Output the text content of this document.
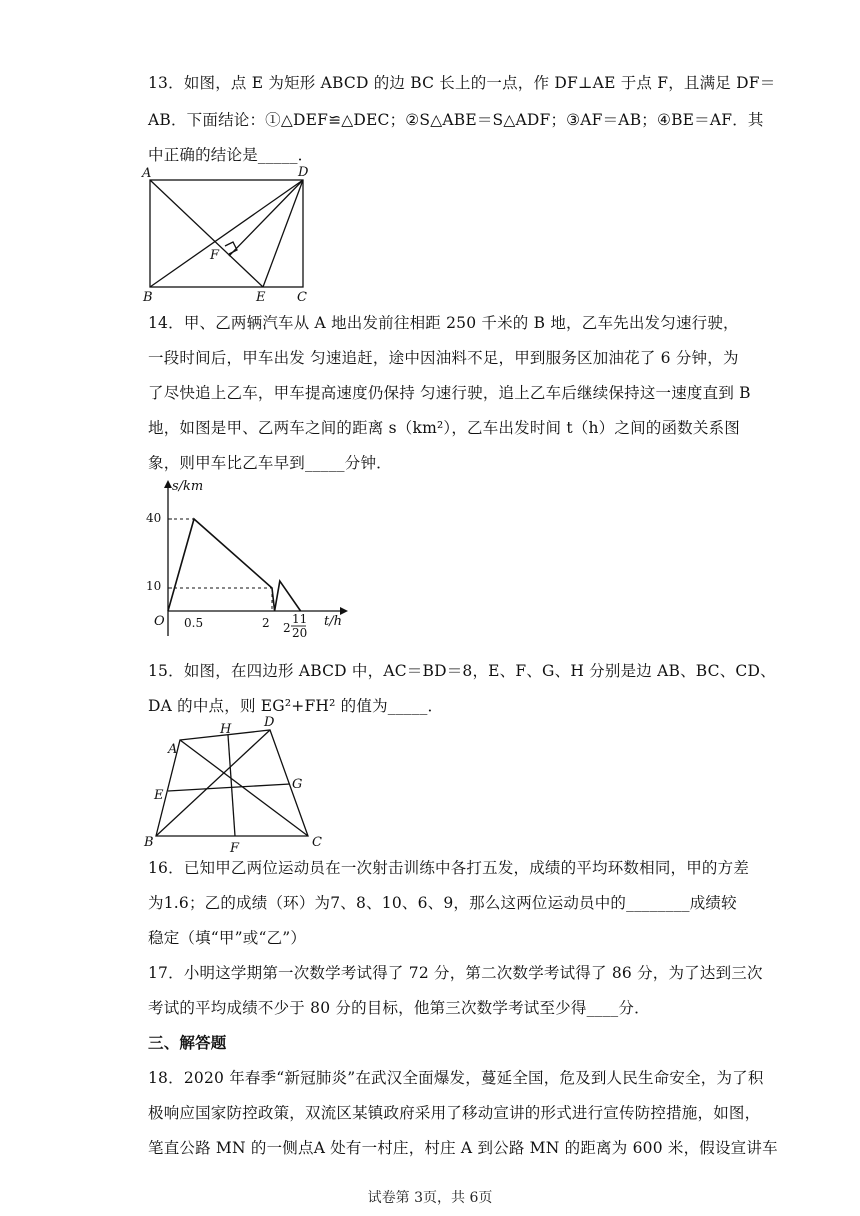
13．如图，点 E 为矩形 ABCD 的边 BC 长上的一点，作 DF⊥AE 于点 F，且满足 DF＝
AB．下面结论：①△DEF≌△DEC；②S△ABE＝S△ADF；③AF＝AB；④BE＝AF．其
中正确的结论是_____．
A	D
F
B	E C
14．甲、乙两辆汽车从 A 地出发前往相距 250 千米的 B 地，乙车先出发匀速行驶，
一段时间后，甲车出发 匀速追赶，途中因油料不足，甲到服务区加油花了 6 分钟，为
了尽快追上乙车，甲车提高速度仍保持 匀速行驶，追上乙车后继续保持这一速度直到 B
地，如图是甲、乙两车之间的距离 s（km²），乙车出发时间 t（h）之间的函数关系图
象，则甲车比乙车早到_____分钟．
s/km
t/h
O
40
10
0.5	2 2
11
20
15．如图，在四边形 ABCD 中，AC＝BD＝8，E、F、G、H 分别是边 AB、BC、CD、
DA 的中点，则 EG²+FH² 的值为_____．
A
H	D
G
E
B	F	C
16．已知甲乙两位运动员在一次射击训练中各打五发，成绩的平均环数相同，甲的方差
为1.6；乙的成绩（环）为7、8、10、6、9，那么这两位运动员中的________成绩较
稳定（填“甲”或“乙”）
17．小明这学期第一次数学考试得了 72 分，第二次数学考试得了 86 分，为了达到三次
考试的平均成绩不少于 80 分的目标，他第三次数学考试至少得____分．
三、解答题
18．2020 年春季“新冠肺炎”在武汉全面爆发，蔓延全国，危及到人民生命安全，为了积
极响应国家防控政策，双流区某镇政府采用了移动宣讲的形式进行宣传防控措施，如图，
笔直公路 MN 的一侧点A 处有一村庄，村庄 A 到公路 MN 的距离为 600 米，假设宣讲车
试卷第 3页，共 6页
